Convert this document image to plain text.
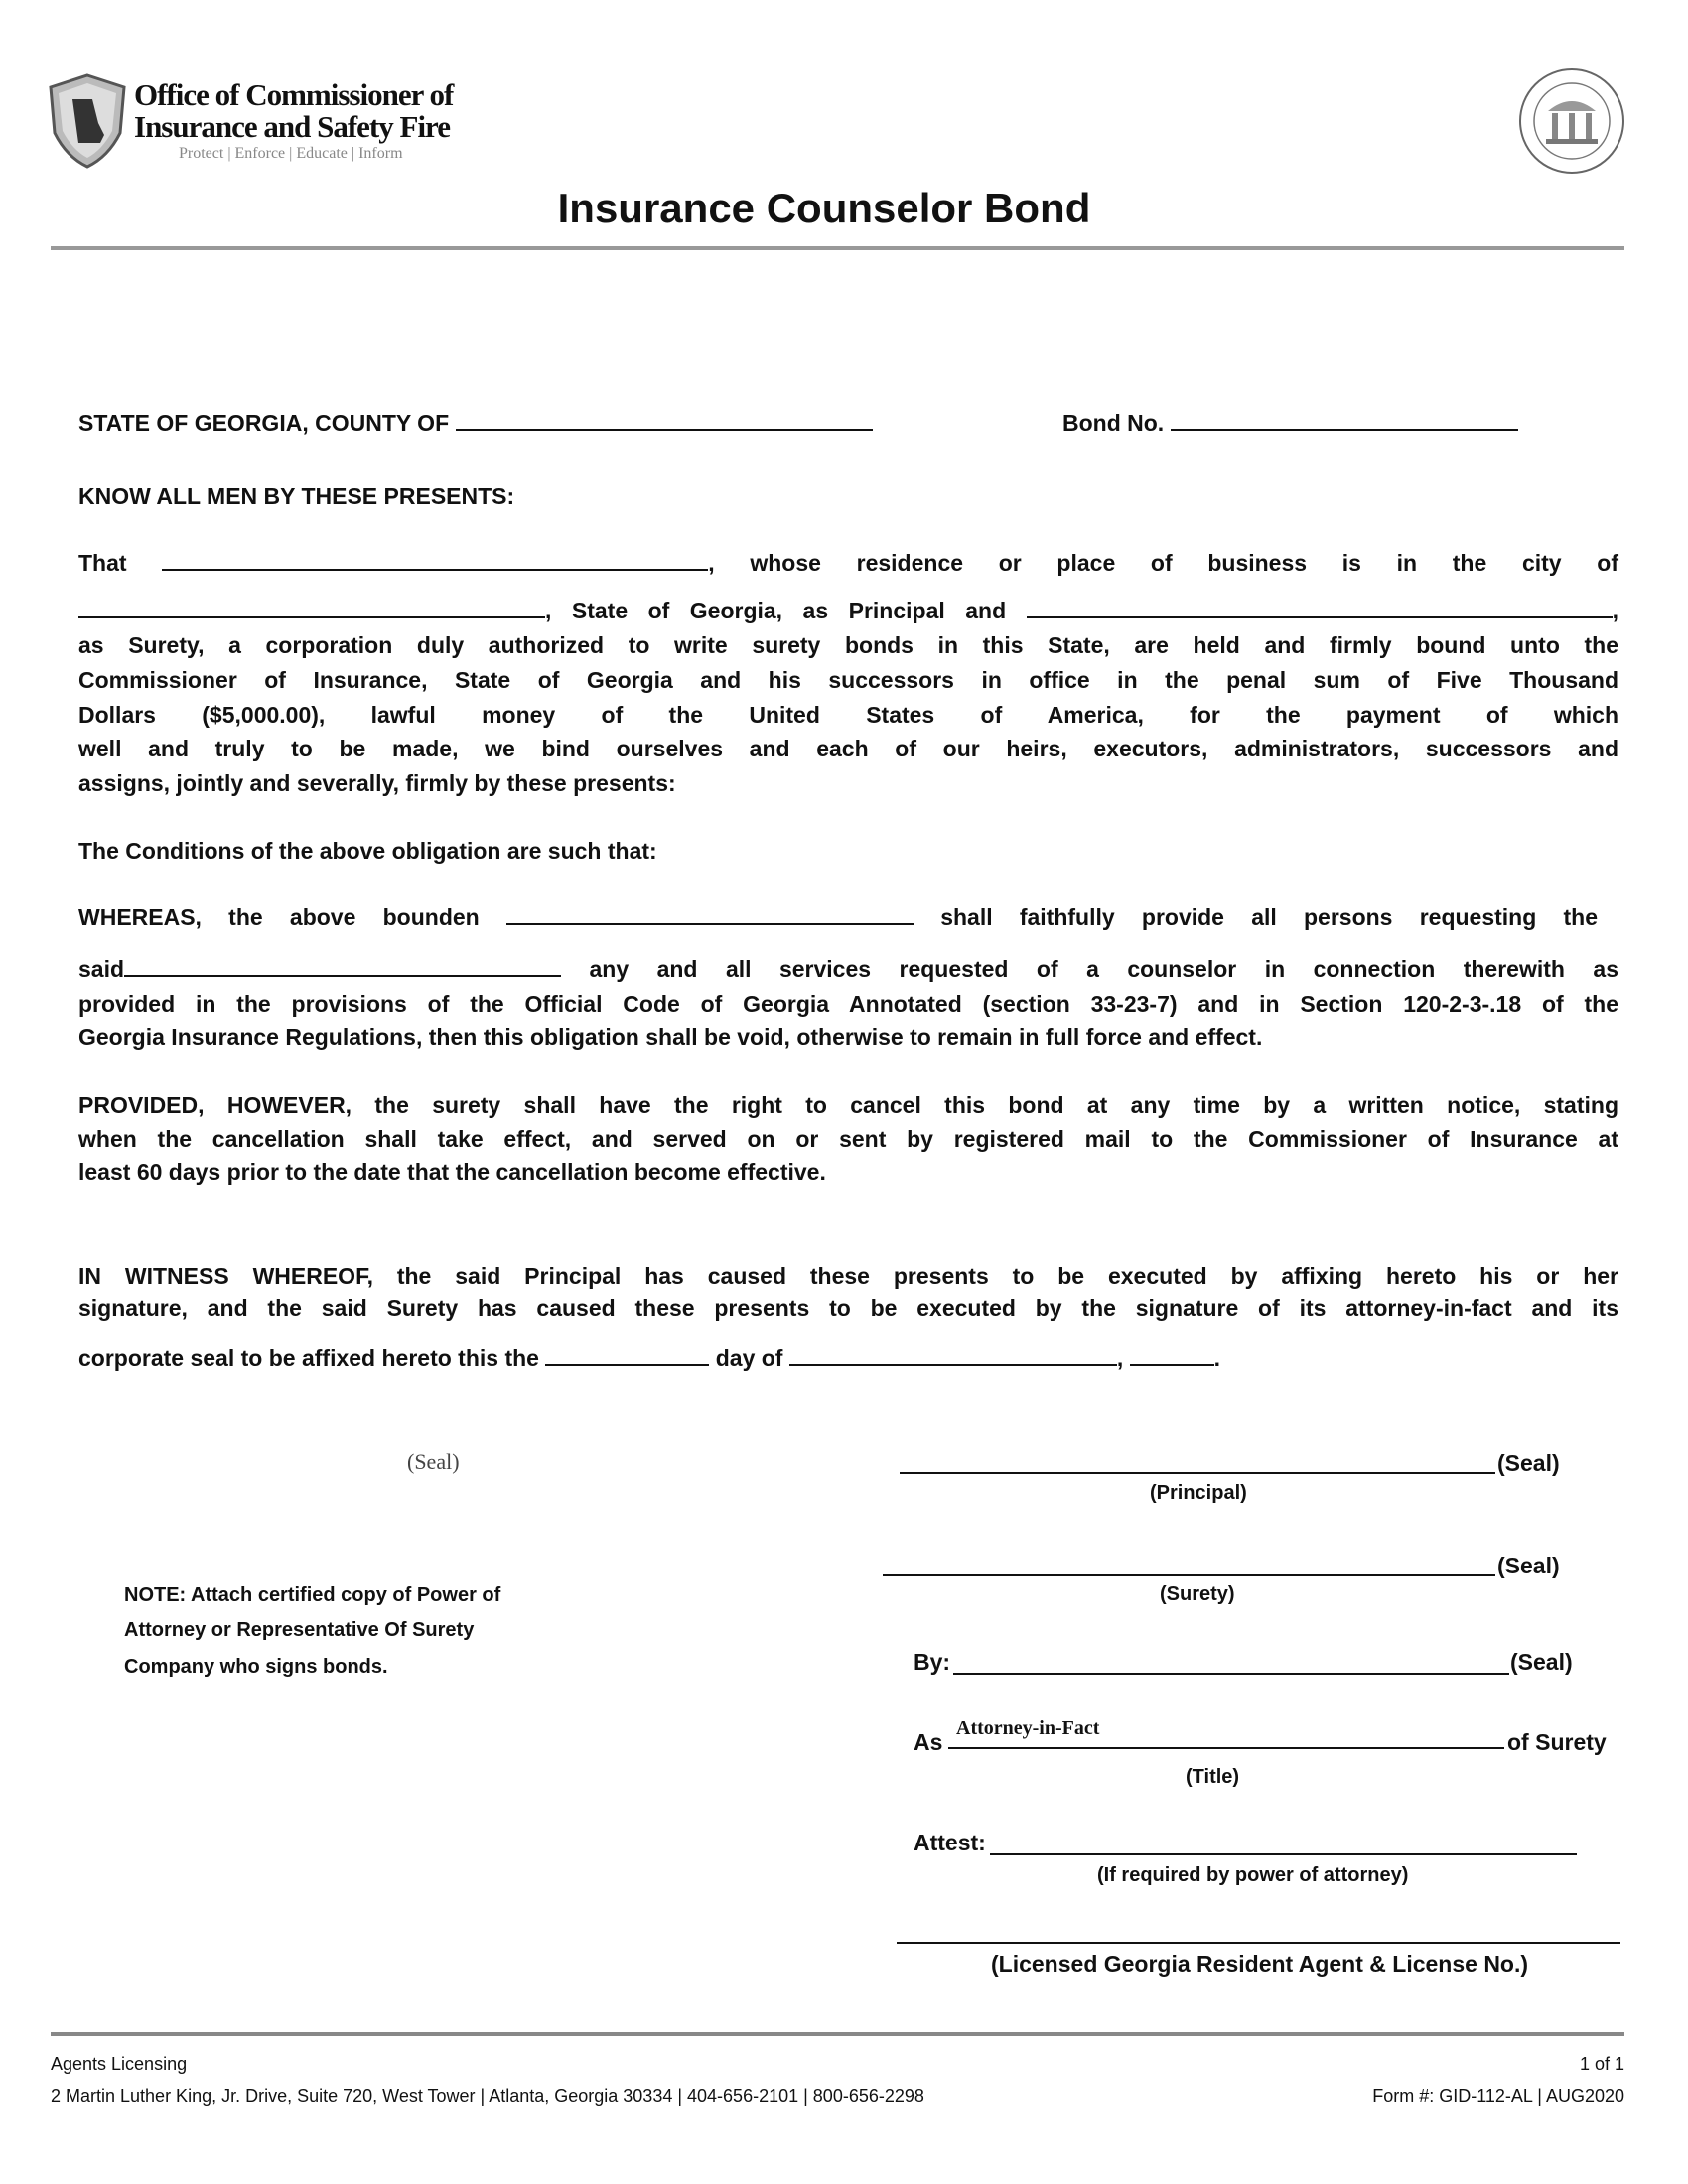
Office of Commissioner of
Insurance and Safety Fire
Protect | Enforce | Educate | Inform
Insurance Counselor Bond
STATE OF GEORGIA, COUNTY OF	Bond No.
KNOW ALL MEN BY THESE PRESENTS:
That	, whose residence or place of business is in the city of
, State of Georgia, as Principal and	,
as Surety, a corporation duly authorized to write surety bonds in this State, are held and firmly bound unto the
Commissioner of Insurance, State of Georgia and his successors in office in the penal sum of Five Thousand
Dollars ($5,000.00), lawful money of the United States of America, for the payment of which
well and truly to be made, we bind ourselves and each of our heirs, executors, administrators, successors and
assigns, jointly and severally, firmly by these presents:
The Conditions of the above obligation are such that:
WHEREAS, the above bounden	shall faithfully provide all persons requesting the
said	any and all services requested of a counselor in connection therewith as
provided in the provisions of the Official Code of Georgia Annotated (section 33-23-7) and in Section 120-2-3-.18 of the
Georgia Insurance Regulations, then this obligation shall be void, otherwise to remain in full force and effect.
PROVIDED, HOWEVER, the surety shall have the right to cancel this bond at any time by a written notice, stating
when the cancellation shall take effect, and served on or sent by registered mail to the Commissioner of Insurance at
least 60 days prior to the date that the cancellation become effective.
IN WITNESS WHEREOF, the said Principal has caused these presents to be executed by affixing hereto his or her
signature, and the said Surety has caused these presents to be executed by the signature of its attorney-in-fact and its
corporate seal to be affixed hereto this the	day of	,	.
(Seal)	(Seal)
(Principal)
(Seal)
(Surety)
NOTE: Attach certified copy of Power of
Attorney or Representative Of Surety
Company who signs bonds.	By:	(Seal)
As
Attorney-in-Fact
of Surety
(Title)
Attest:
(If required by power of attorney)
(Licensed Georgia Resident Agent & License No.)
Agents Licensing
2 Martin Luther King, Jr. Drive, Suite 720, West Tower | Atlanta, Georgia 30334 | 404-656-2101 | 800-656-2298
1 of 1
Form #: GID-112-AL | AUG2020
